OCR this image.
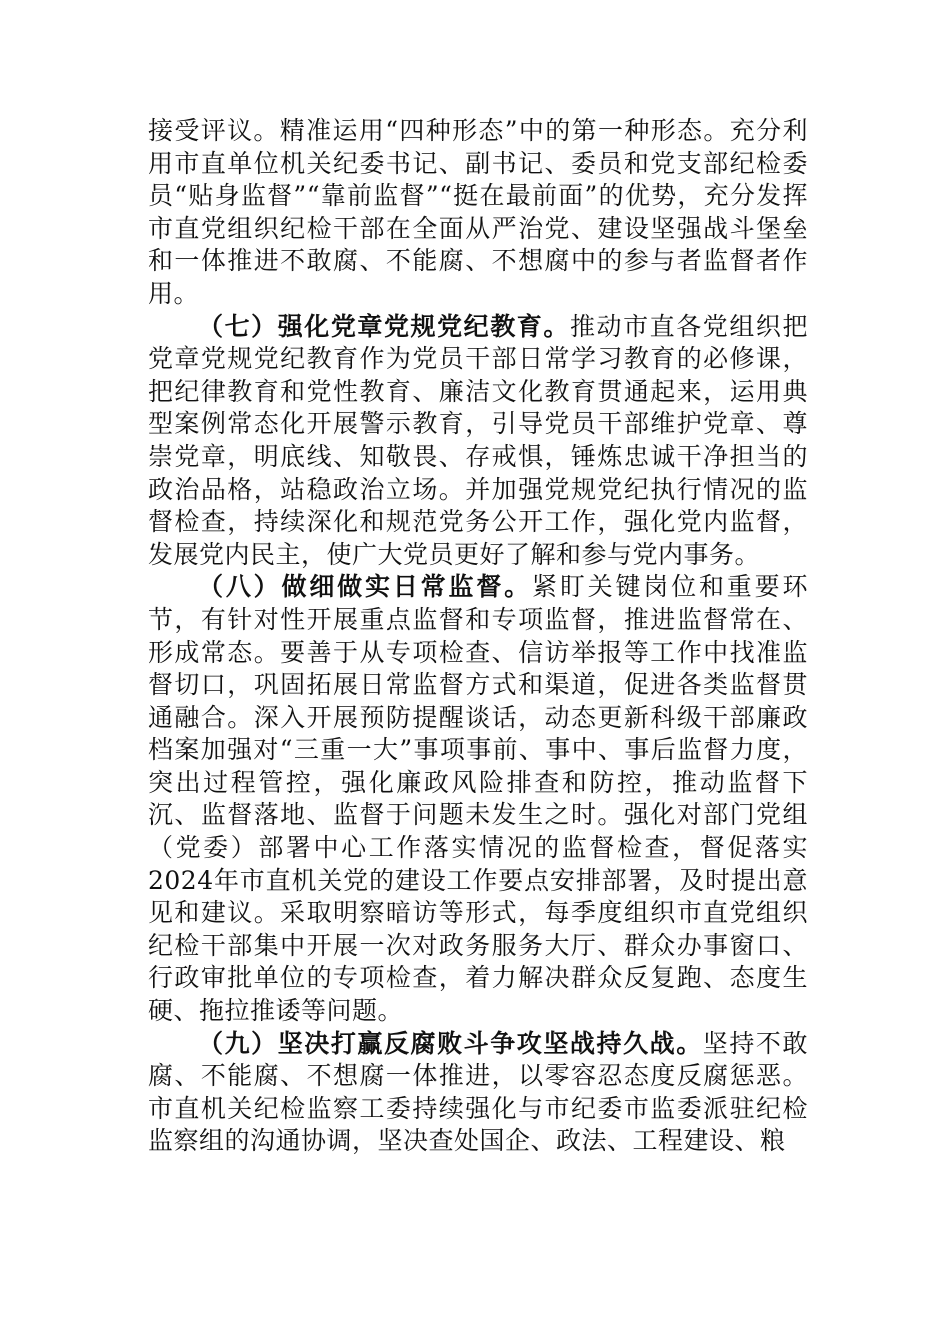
接受评议。精准运用“四种形态”中的第一种形态。充分利用市直单位机关纪委书记、副书记、委员和党支部纪检委员“贴身监督”“靠前监督”“挺在最前面”的优势，充分发挥市直党组织纪检干部在全面从严治党、建设坚强战斗堡垒和一体推进不敢腐、不能腐、不想腐中的参与者监督者作用。

（七）强化党章党规党纪教育。推动市直各党组织把党章党规党纪教育作为党员干部日常学习教育的必修课，把纪律教育和党性教育、廉洁文化教育贯通起来，运用典型案例常态化开展警示教育，引导党员干部维护党章、尊崇党章，明底线、知敬畏、存戒惧，锤炼忠诚干净担当的政治品格，站稳政治立场。并加强党规党纪执行情况的监督检查，持续深化和规范党务公开工作，强化党内监督，发展党内民主，使广大党员更好了解和参与党内事务。

（八）做细做实日常监督。紧盯关键岗位和重要环节，有针对性开展重点监督和专项监督，推进监督常在、形成常态。要善于从专项检查、信访举报等工作中找准监督切口，巩固拓展日常监督方式和渠道，促进各类监督贯通融合。深入开展预防提醒谈话，动态更新科级干部廉政档案加强对“三重一大”事项事前、事中、事后监督力度，突出过程管控，强化廉政风险排查和防控，推动监督下沉、监督落地、监督于问题未发生之时。强化对部门党组（党委）部署中心工作落实情况的监督检查，督促落实2024年市直机关党的建设工作要点安排部署，及时提出意见和建议。采取明察暗访等形式，每季度组织市直党组织纪检干部集中开展一次对政务服务大厅、群众办事窗口、行政审批单位的专项检查，着力解决群众反复跑、态度生硬、拖拉推诿等问题。

（九）坚决打赢反腐败斗争攻坚战持久战。坚持不敢腐、不能腐、不想腐一体推进，以零容忍态度反腐惩恶。市直机关纪检监察工委持续强化与市纪委市监委派驻纪检监察组的沟通协调，坚决查处国企、政法、工程建设、粮
